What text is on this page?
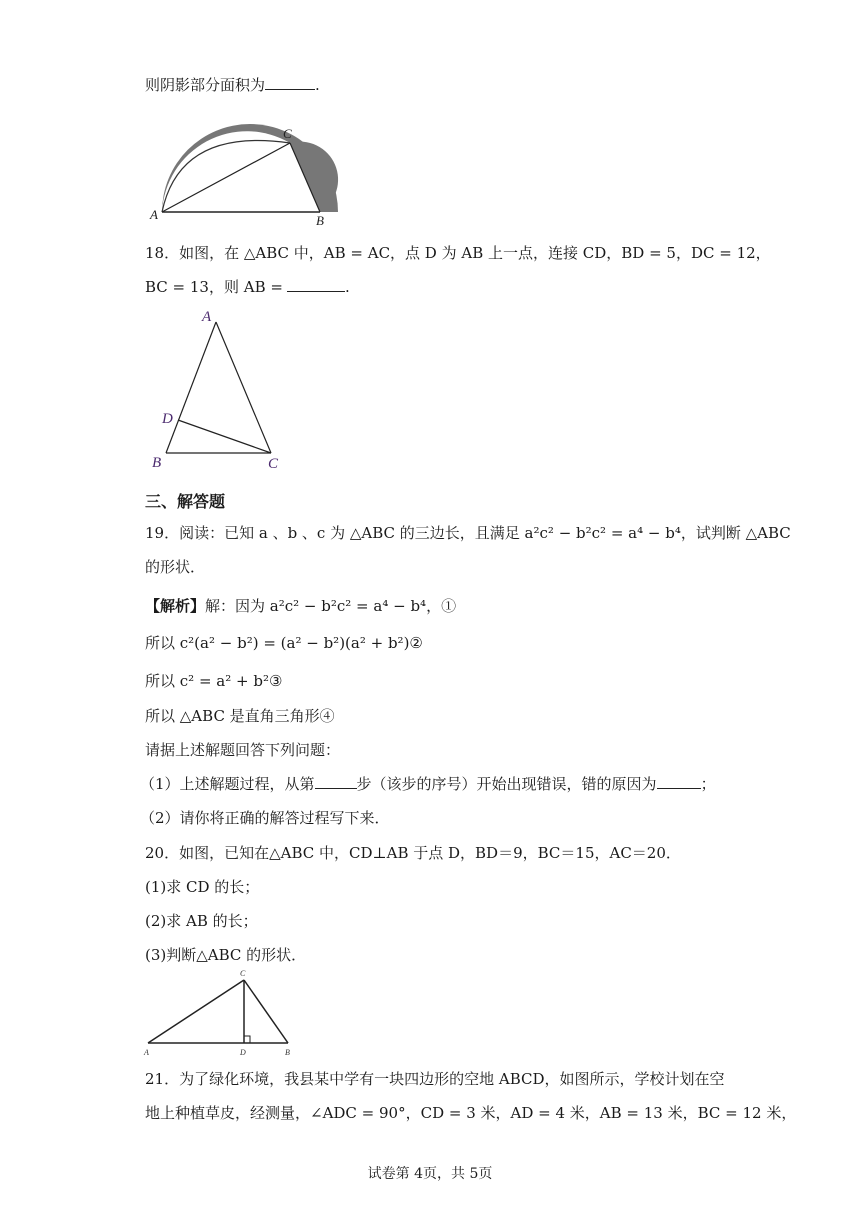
则阴影部分面积为	.
A	B
C
18．如图，在 △ABC 中，AB = AC，点 D 为 AB 上一点，连接 CD，BD = 5，DC = 12，
BC = 13，则 AB =	.
A
B	C
D
三、解答题
19．阅读：已知 a 、b 、c 为 △ABC 的三边长，且满足 a²c² − b²c² = a⁴ − b⁴，试判断 △ABC
的形状．
【解析】解：因为 a²c² − b²c² = a⁴ − b⁴，①
所以 c²(a² − b²) = (a² − b²)(a² + b²)②
所以 c² = a² + b²③
所以 △ABC 是直角三角形④
请据上述解题回答下列问题：
（1）上述解题过程，从第	步（该步的序号）开始出现错误，错的原因为	；
（2）请你将正确的解答过程写下来．
20．如图，已知在△ABC 中，CD⊥AB 于点 D，BD＝9，BC＝15，AC＝20．
(1)求 CD 的长；
(2)求 AB 的长；
(3)判断△ABC 的形状．
A	D	B
C
21．为了绿化环境，我县某中学有一块四边形的空地 ABCD，如图所示，学校计划在空
地上种植草皮，经测量，∠ADC = 90°，CD = 3 米，AD = 4 米，AB = 13 米，BC = 12 米，
试卷第 4页，共 5页
